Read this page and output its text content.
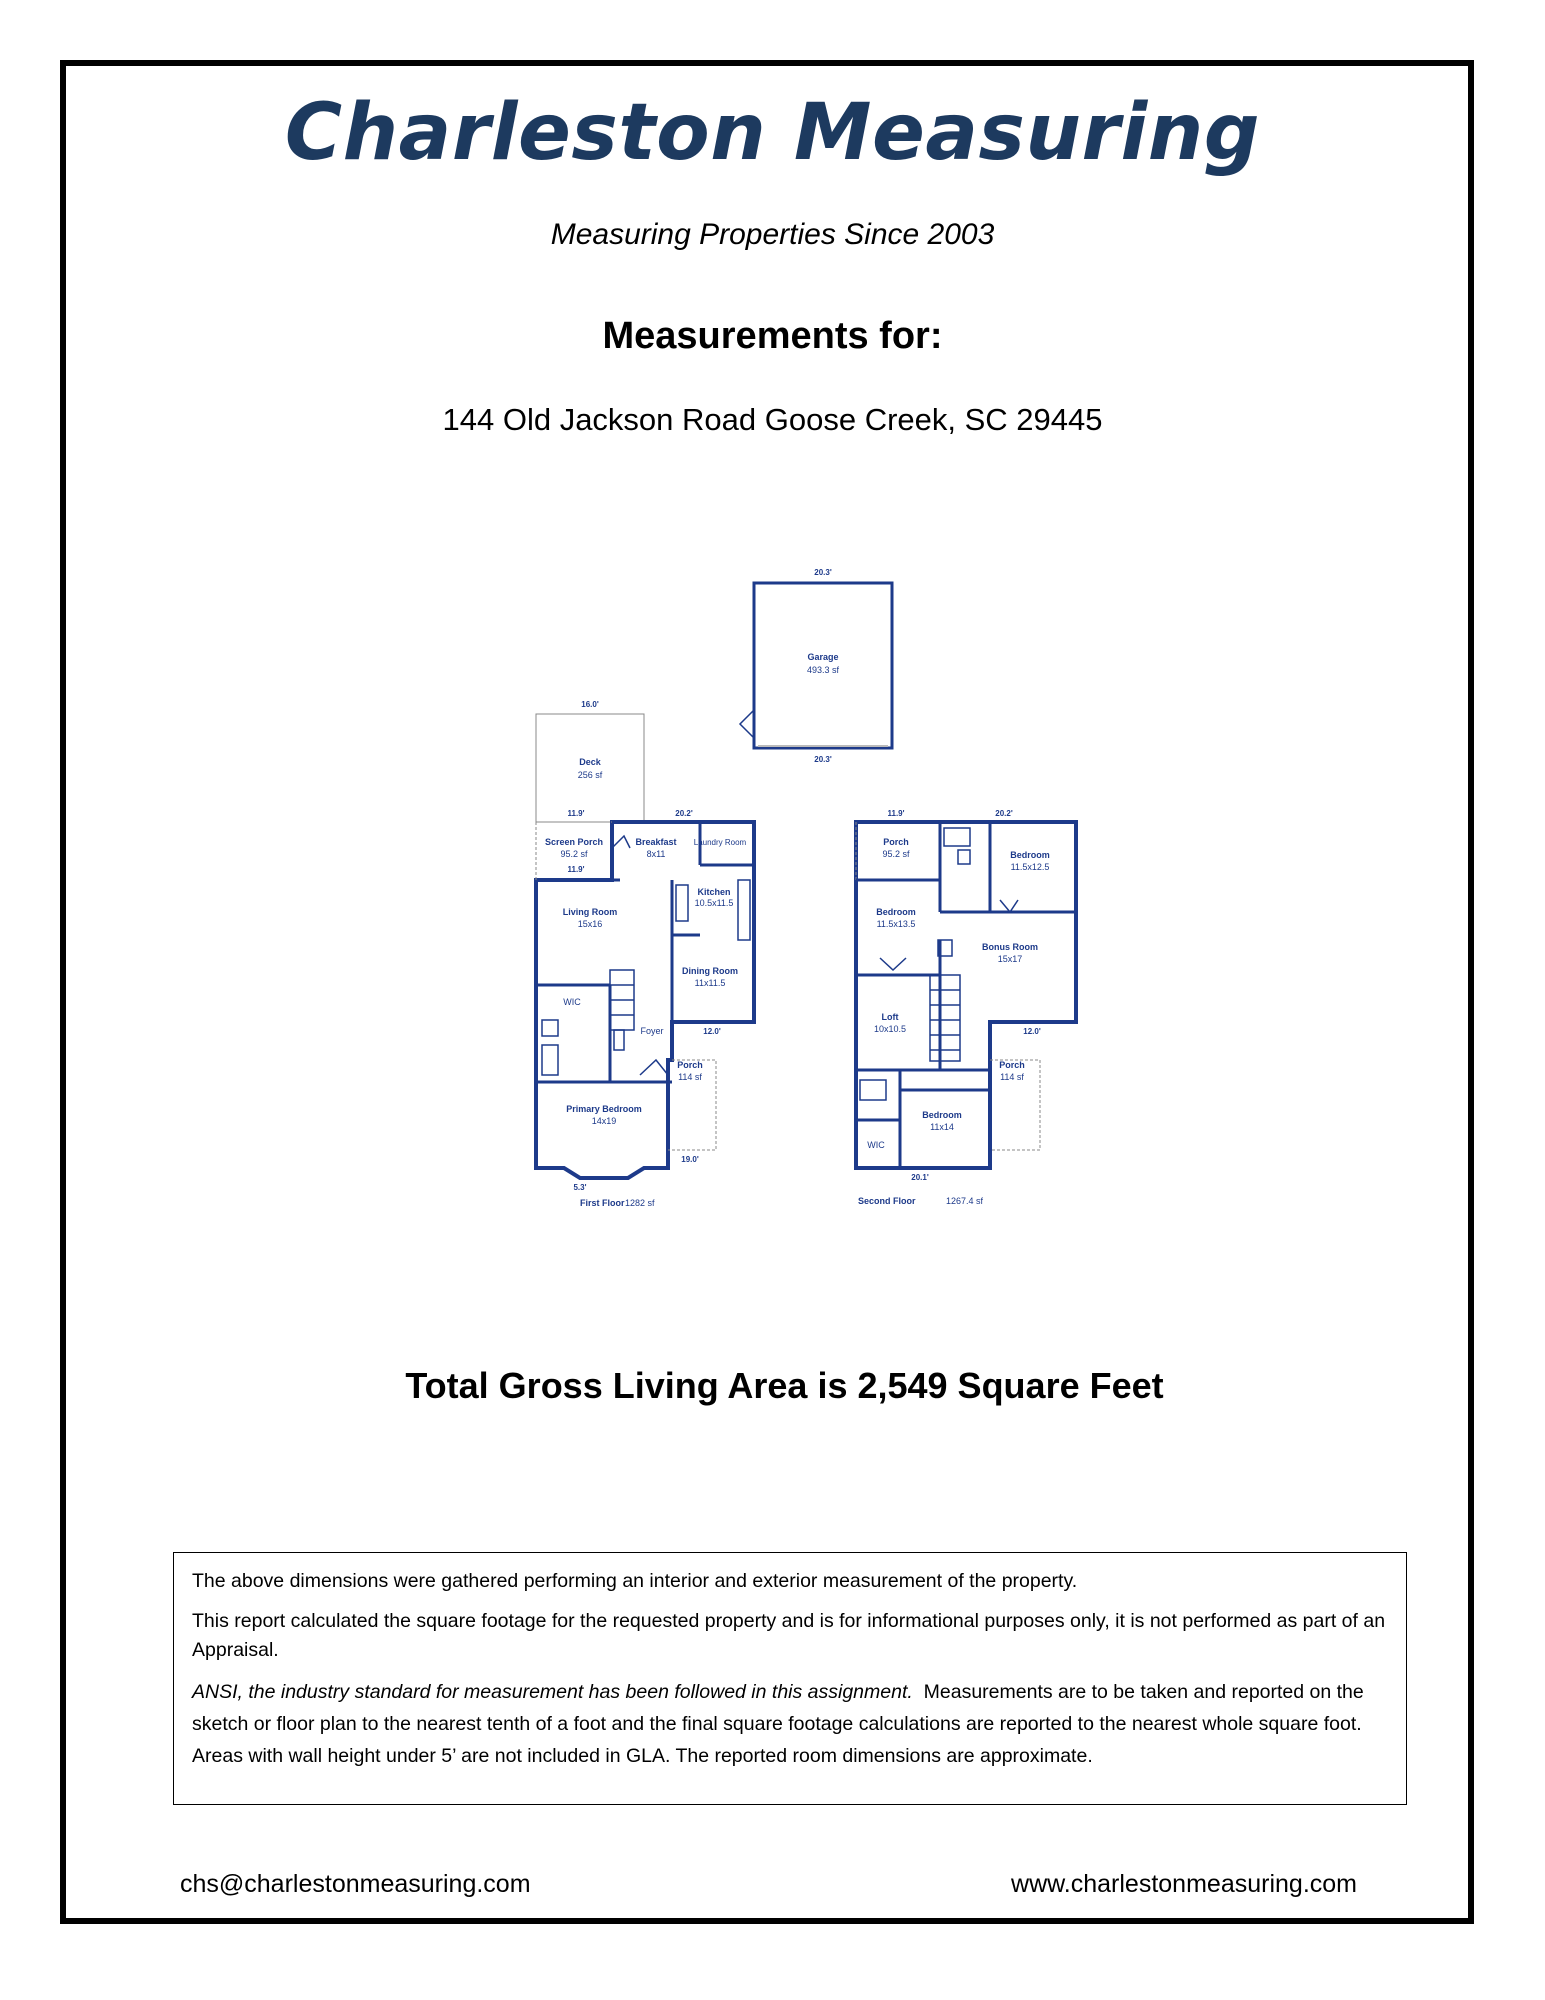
Charleston Measuring
Measuring Properties Since 2003
Measurements for:
144 Old Jackson Road Goose Creek, SC 29445
Garage
493.3 sf
20.3'
20.3'
Deck
256 sf
16.0'
Screen Porch
95.2 sf
Breakfast
8x11
Laundry Room
Kitchen
10.5x11.5
Living Room
15x16
Dining Room
11x11.5
WIC
Foyer
Porch
114 sf
Primary Bedroom
14x19
11.9'	20.2'
11.9'
12.0'
19.0'
5.3'
First Floor 1282 sf
Porch
95.2 sf	Bedroom
11.5x12.5
Bedroom
11.5x13.5
Bonus Room
15x17
Loft
10x10.5
Porch
114 sf
Bedroom
11x14
WIC
11.9'	20.2'
12.0'
20.1'
Second Floor	1267.4 sf
Total Gross Living Area is 2,549 Square Feet

The above dimensions were gathered performing an interior and exterior measurement of the property.

This report calculated the square footage for the requested property and is for informational purposes only, it is not performed as part of an Appraisal.

ANSI, the industry standard for measurement has been followed in this assignment. Measurements are to be taken and reported on the sketch or floor plan to the nearest tenth of a foot and the final square footage calculations are reported to the nearest whole square foot. Areas with wall height under 5’ are not included in GLA. The reported room dimensions are approximate.

chs@charlestonmeasuring.com	www.charlestonmeasuring.com
